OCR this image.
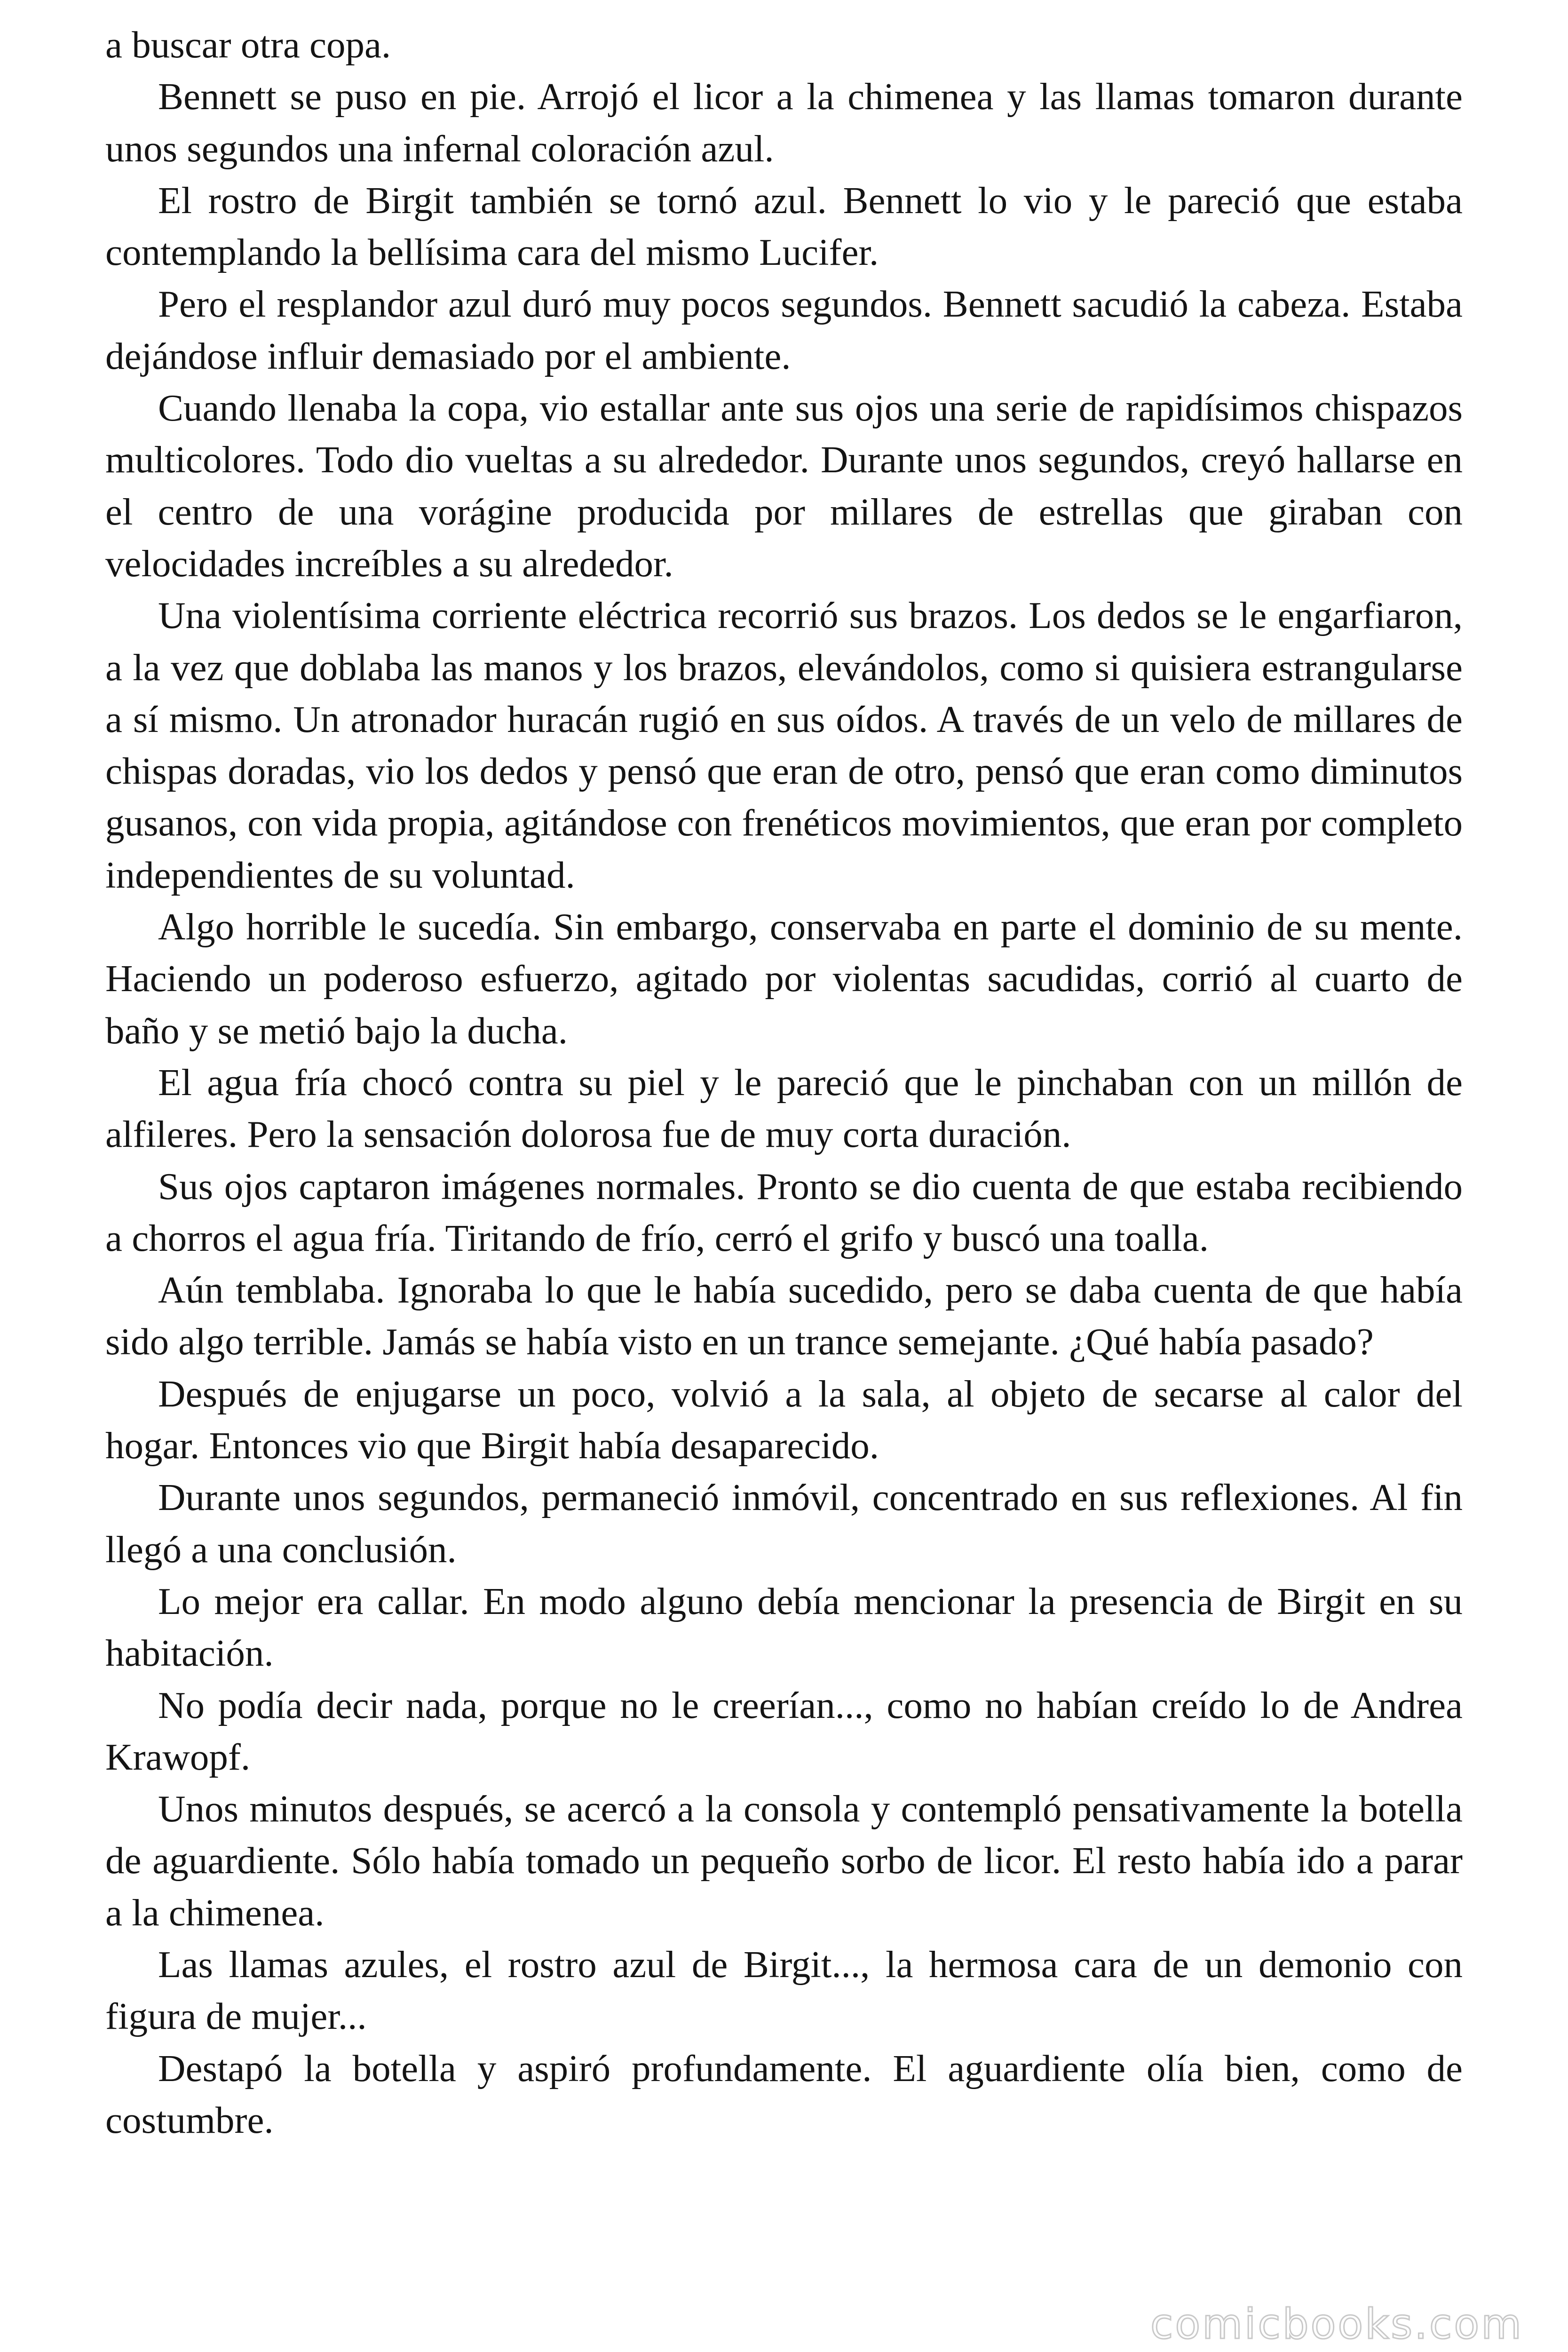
a buscar otra copa.

Bennett se puso en pie. Arrojó el licor a la chimenea y las llamas tomaron durante unos segundos una infernal coloración azul.

El rostro de Birgit también se tornó azul. Bennett lo vio y le pareció que estaba contemplando la bellísima cara del mismo Lucifer.

Pero el resplandor azul duró muy pocos segundos. Bennett sacudió la cabeza. Estaba dejándose influir demasiado por el ambiente.

Cuando llenaba la copa, vio estallar ante sus ojos una serie de rapidísimos chispazos multicolores. Todo dio vueltas a su alrededor. Durante unos segundos, creyó hallarse en el centro de una vorágine producida por millares de estrellas que giraban con velocidades increíbles a su alrededor.

Una violentísima corriente eléctrica recorrió sus brazos. Los dedos se le engarfiaron, a la vez que doblaba las manos y los brazos, elevándolos, como si quisiera estrangularse a sí mismo. Un atronador huracán rugió en sus oídos. A través de un velo de millares de chispas doradas, vio los dedos y pensó que eran de otro, pensó que eran como diminutos gusanos, con vida propia, agitándose con frenéticos movimientos, que eran por completo independientes de su voluntad.

Algo horrible le sucedía. Sin embargo, conservaba en parte el dominio de su mente. Haciendo un poderoso esfuerzo, agitado por violentas sacudidas, corrió al cuarto de baño y se metió bajo la ducha.

El agua fría chocó contra su piel y le pareció que le pinchaban con un millón de alfileres. Pero la sensación dolorosa fue de muy corta duración.

Sus ojos captaron imágenes normales. Pronto se dio cuenta de que estaba recibiendo a chorros el agua fría. Tiritando de frío, cerró el grifo y buscó una toalla.

Aún temblaba. Ignoraba lo que le había sucedido, pero se daba cuenta de que había sido algo terrible. Jamás se había visto en un trance semejante. ¿Qué había pasado?

Después de enjugarse un poco, volvió a la sala, al objeto de secarse al calor del hogar. Entonces vio que Birgit había desaparecido.

Durante unos segundos, permaneció inmóvil, concentrado en sus reflexiones. Al fin llegó a una conclusión.

Lo mejor era callar. En modo alguno debía mencionar la presencia de Birgit en su habitación.

No podía decir nada, porque no le creerían..., como no habían creído lo de Andrea Krawopf.

Unos minutos después, se acercó a la consola y contempló pensativamente la botella de aguardiente. Sólo había tomado un pequeño sorbo de licor. El resto había ido a parar a la chimenea.

Las llamas azules, el rostro azul de Birgit..., la hermosa cara de un demonio con figura de mujer...

Destapó la botella y aspiró profundamente. El aguardiente olía bien, como de costumbre.

comicbooks.com
